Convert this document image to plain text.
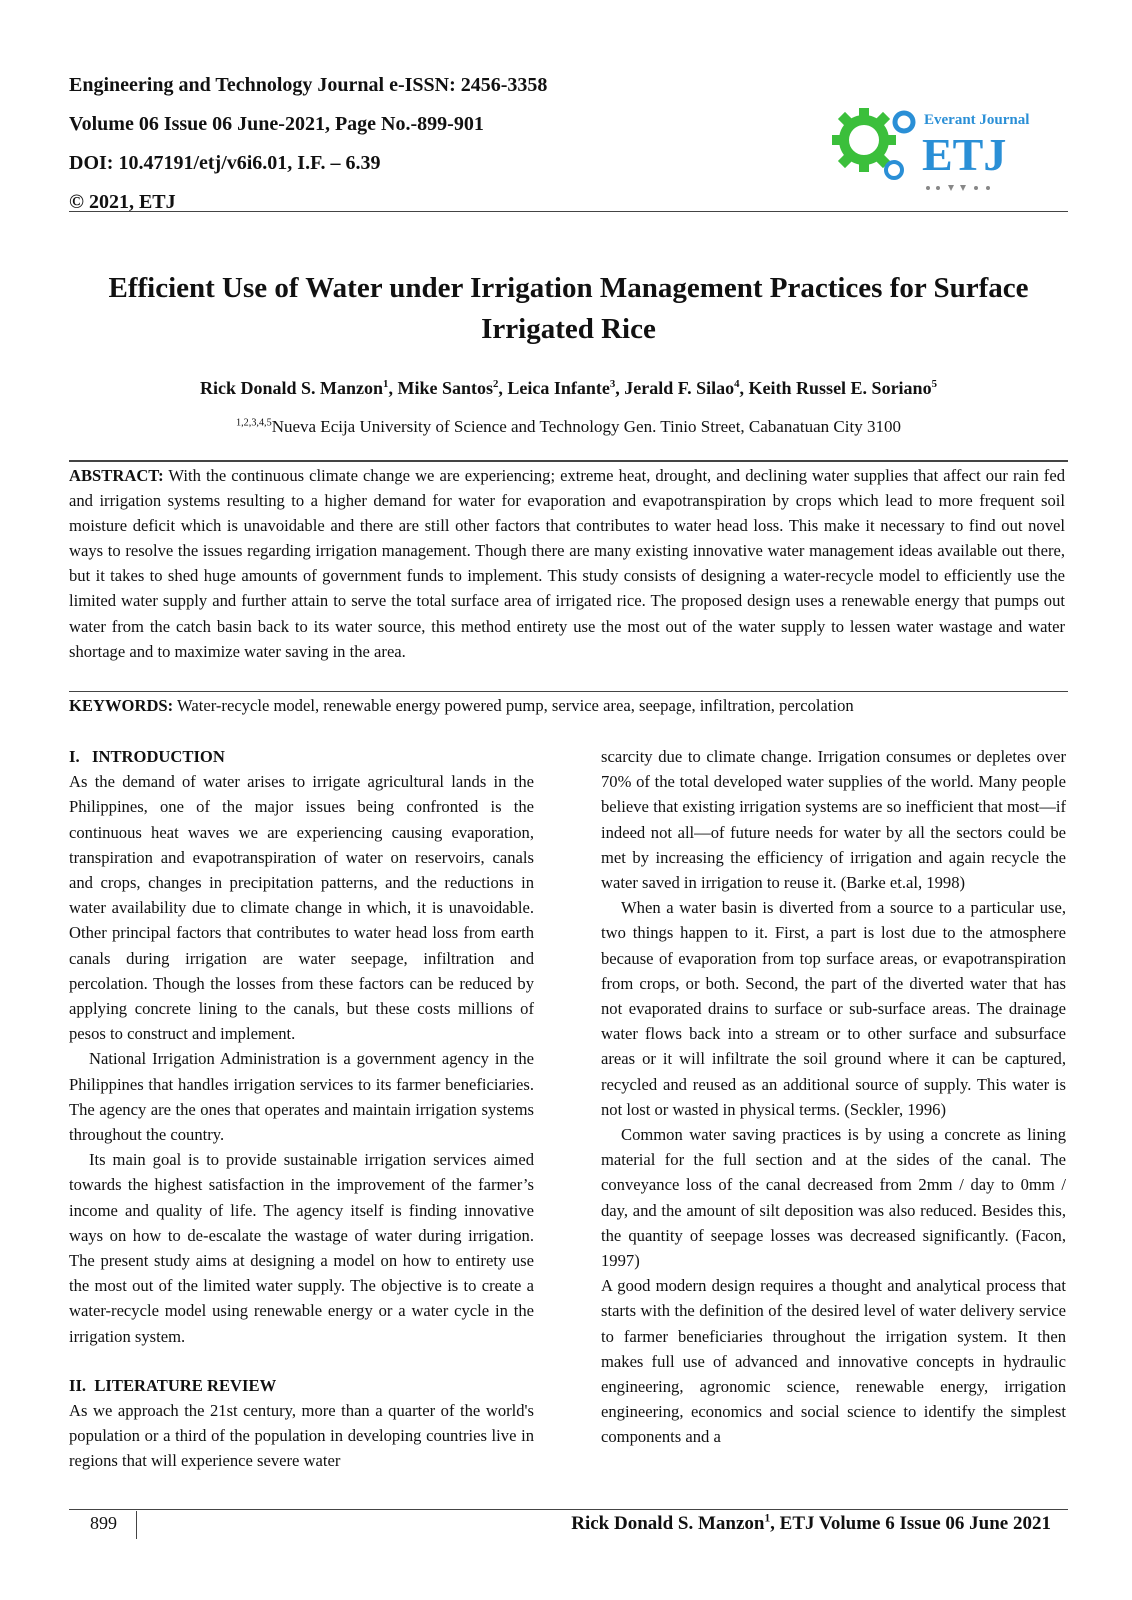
Engineering and Technology Journal e-ISSN: 2456-3358
Volume 06 Issue 06 June-2021, Page No.-899-901
DOI: 10.47191/etj/v6i6.01, I.F. – 6.39
© 2021, ETJ
Everant Journal
ETJ
Efficient Use of Water under Irrigation Management Practices for Surface
Irrigated Rice
Rick Donald S. Manzon$^1$, Mike Santos$^2$, Leica Infante$^3$, Jerald F. Silao$^4$, Keith Russel E. Soriano$^5$
$^{1,2,3,4,5}$Nueva Ecija University of Science and Technology Gen. Tinio Street, Cabanatuan City 3100
ABSTRACT: With the continuous climate change we are experiencing; extreme heat, drought, and declining water supplies that affect our rain fed and irrigation systems resulting to a higher demand for water for evaporation and evapotranspiration by crops which lead to more frequent soil moisture deficit which is unavoidable and there are still other factors that contributes to water head loss. This make it necessary to find out novel ways to resolve the issues regarding irrigation management. Though there are many existing innovative water management ideas available out there, but it takes to shed huge amounts of government funds to implement. This study consists of designing a water-recycle model to efficiently use the limited water supply and further attain to serve the total surface area of irrigated rice. The proposed design uses a renewable energy that pumps out water from the catch basin back to its water source, this method entirety use the most out of the water supply to lessen water wastage and water shortage and to maximize water saving in the area.
KEYWORDS: Water-recycle model, renewable energy powered pump, service area, seepage, infiltration, percolation

I.   INTRODUCTION

As the demand of water arises to irrigate agricultural lands in the Philippines, one of the major issues being confronted is the continuous heat waves we are experiencing causing evaporation, transpiration and evapotranspiration of water on reservoirs, canals and crops, changes in precipitation patterns, and the reductions in water availability due to climate change in which, it is unavoidable. Other principal factors that contributes to water head loss from earth canals during irrigation are water seepage, infiltration and percolation. Though the losses from these factors can be reduced by applying concrete lining to the canals, but these costs millions of pesos to construct and implement.

National Irrigation Administration is a government agency in the Philippines that handles irrigation services to its farmer beneficiaries. The agency are the ones that operates and maintain irrigation systems throughout the country.

Its main goal is to provide sustainable irrigation services aimed towards the highest satisfaction in the improvement of the farmer’s income and quality of life. The agency itself is finding innovative ways on how to de-escalate the wastage of water during irrigation. The present study aims at designing a model on how to entirety use the most out of the limited water supply. The objective is to create a water-recycle model using renewable energy or a water cycle in the irrigation system.

II.  LITERATURE REVIEW

As we approach the 21st century, more than a quarter of the world's population or a third of the population in developing countries live in regions that will experience severe water

scarcity due to climate change. Irrigation consumes or depletes over 70% of the total developed water supplies of the world. Many people believe that existing irrigation systems are so inefficient that most—if indeed not all—of future needs for water by all the sectors could be met by increasing the efficiency of irrigation and again recycle the water saved in irrigation to reuse it. (Barke et.al, 1998)

When a water basin is diverted from a source to a particular use, two things happen to it. First, a part is lost due to the atmosphere because of evaporation from top surface areas, or evapotranspiration from crops, or both. Second, the part of the diverted water that has not evaporated drains to surface or sub-surface areas. The drainage water flows back into a stream or to other surface and subsurface areas or it will infiltrate the soil ground where it can be captured, recycled and reused as an additional source of supply. This water is not lost or wasted in physical terms. (Seckler, 1996)

Common water saving practices is by using a concrete as lining material for the full section and at the sides of the canal. The conveyance loss of the canal decreased from 2mm / day to 0mm / day, and the amount of silt deposition was also reduced. Besides this, the quantity of seepage losses was decreased significantly. (Facon, 1997)

A good modern design requires a thought and analytical process that starts with the definition of the desired level of water delivery service to farmer beneficiaries throughout the irrigation system. It then makes full use of advanced and innovative concepts in hydraulic engineering, agronomic science, renewable energy, irrigation engineering, economics and social science to identify the simplest components and a

899	Rick Donald S. Manzon$^1$, ETJ Volume 6 Issue 06 June 2021
